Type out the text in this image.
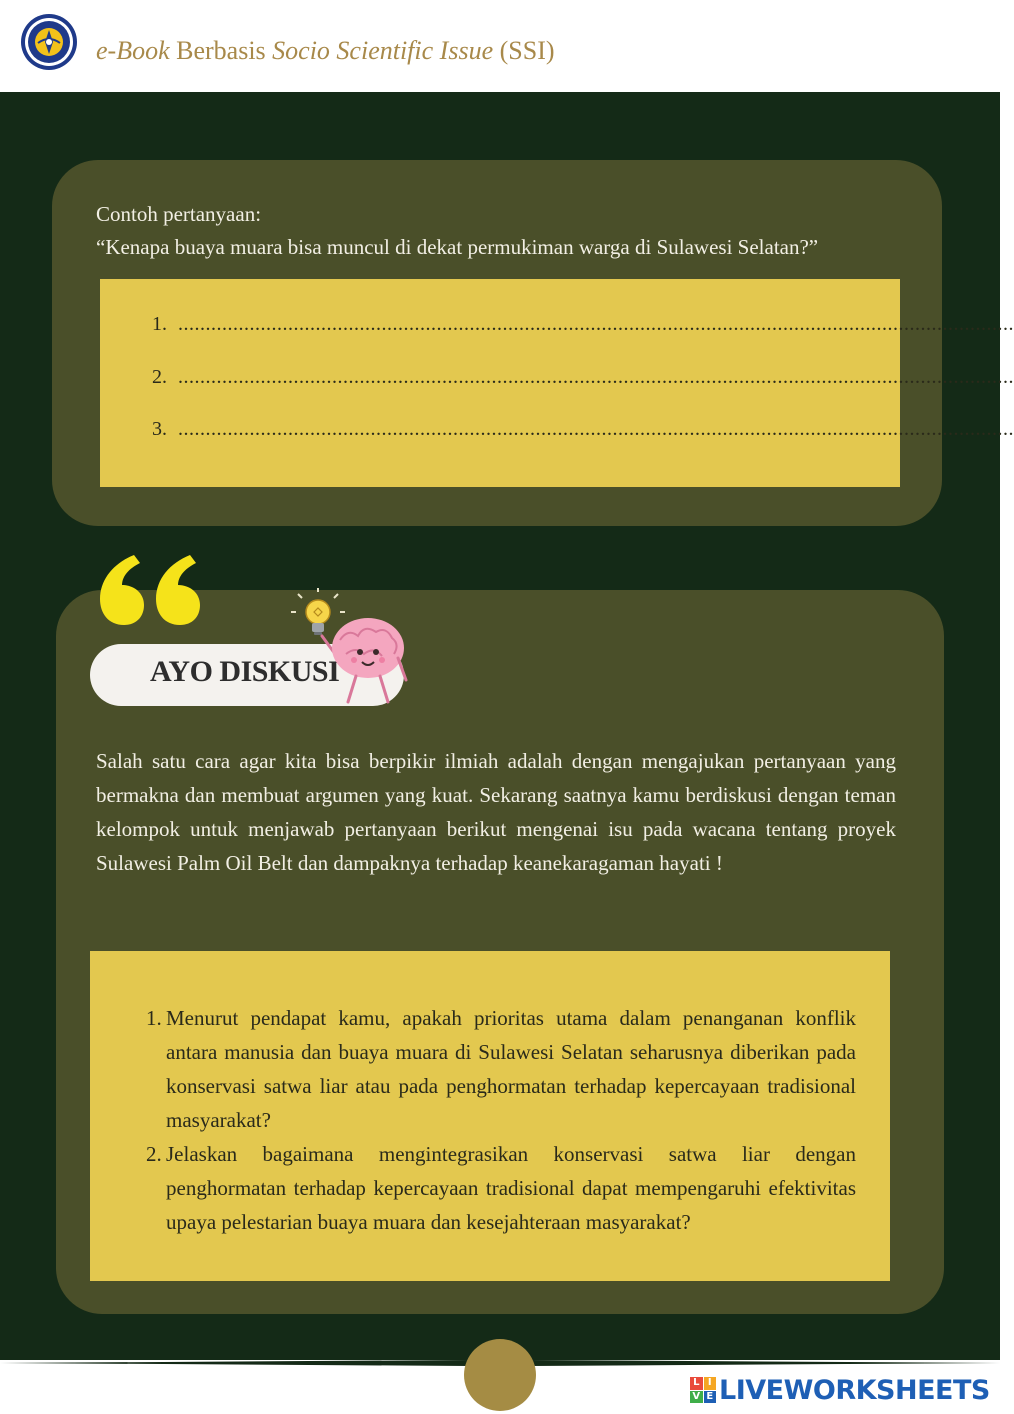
e-Book Berbasis Socio Scientific Issue (SSI)
Contoh pertanyaan:
“Kenapa buaya muara bisa muncul di dekat permukiman warga di Sulawesi Selatan?”
1. ........................................................................................................................................................
2. ........................................................................................................................................................
3. ........................................................................................................................................................
AYO DISKUSI
Salah satu cara agar kita bisa berpikir ilmiah adalah dengan mengajukan pertanyaan yang bermakna dan membuat argumen yang kuat. Sekarang saatnya kamu berdiskusi dengan teman kelompok untuk menjawab pertanyaan berikut mengenai isu pada wacana tentang proyek Sulawesi Palm Oil Belt dan dampaknya terhadap keanekaragaman hayati !
1. Menurut pendapat kamu, apakah prioritas utama dalam penanganan konflik antara manusia dan buaya muara di Sulawesi Selatan seharusnya diberikan pada konservasi satwa liar atau pada penghormatan terhadap kepercayaan tradisional masyarakat?
2. Jelaskan bagaimana mengintegrasikan konservasi satwa liar dengan penghormatan terhadap kepercayaan tradisional dapat mempengaruhi efektivitas upaya pelestarian buaya muara dan kesejahteraan masyarakat?
L I
V E LIVEWORKSHEETS
